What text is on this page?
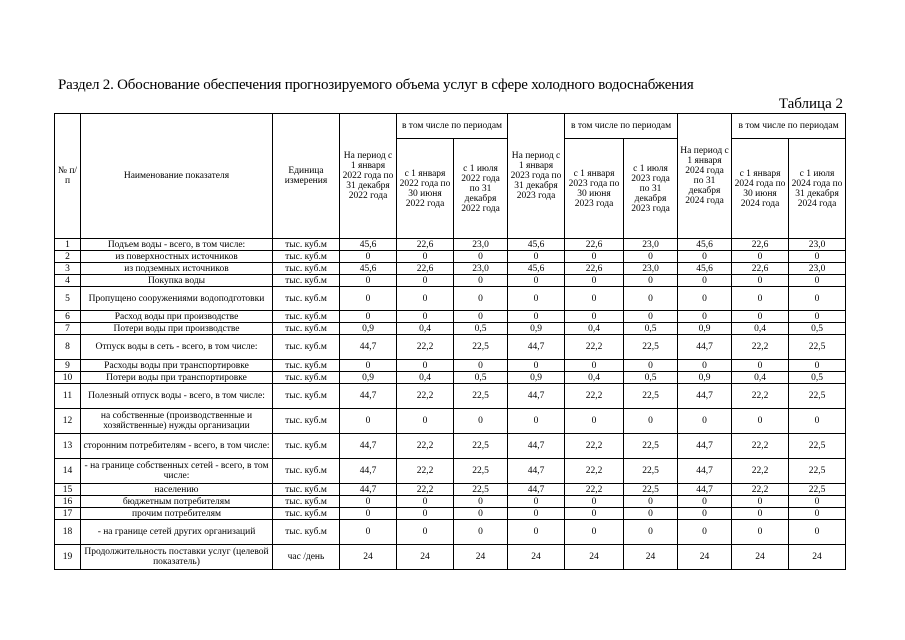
Раздел 2. Обоснование обеспечения прогнозируемого объема услуг в сфере холодного водоснабжения
Таблица 2
№ п/п	Наименование показателя	Единица измерения	На период с 1 января 2022 года по 31 декабря 2022 года	в том числе по периодам		На период с 1 января 2023 года по 31 декабря 2023 года	в том числе по периодам		На период с 1 января 2024 года по 31 декабря 2024 года	в том числе по периодам	
				с 1 января 2022 года по 30 июня 2022 года	с 1 июля 2022 года по 31 декабря 2022 года		с 1 января 2023 года по 30 июня 2023 года	с 1 июля 2023 года по 31 декабря 2023 года		с 1 января 2024 года по 30 июня 2024 года	с 1 июля 2024 года по 31 декабря 2024 года
1	Подъем воды - всего, в том числе:	тыс. куб.м	45,6	22,6	23,0	45,6	22,6	23,0	45,6	22,6	23,0
2	из поверхностных источников	тыс. куб.м	0	0	0	0	0	0	0	0	0
3	из подземных источников	тыс. куб.м	45,6	22,6	23,0	45,6	22,6	23,0	45,6	22,6	23,0
4	Покупка воды	тыс. куб.м	0	0	0	0	0	0	0	0	0
5	Пропущено сооружениями водоподготовки	тыс. куб.м	0	0	0	0	0	0	0	0	0
6	Расход воды при производстве	тыс. куб.м	0	0	0	0	0	0	0	0	0
7	Потери воды при производстве	тыс. куб.м	0,9	0,4	0,5	0,9	0,4	0,5	0,9	0,4	0,5
8	Отпуск воды в сеть - всего, в том числе:	тыс. куб.м	44,7	22,2	22,5	44,7	22,2	22,5	44,7	22,2	22,5
9	Расходы воды при транспортировке	тыс. куб.м	0	0	0	0	0	0	0	0	0
10	Потери воды при транспортировке	тыс. куб.м	0,9	0,4	0,5	0,9	0,4	0,5	0,9	0,4	0,5
11	Полезный отпуск воды - всего, в том числе:	тыс. куб.м	44,7	22,2	22,5	44,7	22,2	22,5	44,7	22,2	22,5
12	на собственные (производственные и хозяйственные) нужды организации	тыс. куб.м	0	0	0	0	0	0	0	0	0
13	сторонним потребителям - всего, в том числе:	тыс. куб.м	44,7	22,2	22,5	44,7	22,2	22,5	44,7	22,2	22,5
14	- на границе собственных сетей - всего, в том числе:	тыс. куб.м	44,7	22,2	22,5	44,7	22,2	22,5	44,7	22,2	22,5
15	населению	тыс. куб.м	44,7	22,2	22,5	44,7	22,2	22,5	44,7	22,2	22,5
16	бюджетным потребителям	тыс. куб.м	0	0	0	0	0	0	0	0	0
17	прочим потребителям	тыс. куб.м	0	0	0	0	0	0	0	0	0
18	- на границе сетей других организаций	тыс. куб.м	0	0	0	0	0	0	0	0	0
19	Продолжительность поставки услуг (целевой показатель)	час /день	24	24	24	24	24	24	24	24	24
